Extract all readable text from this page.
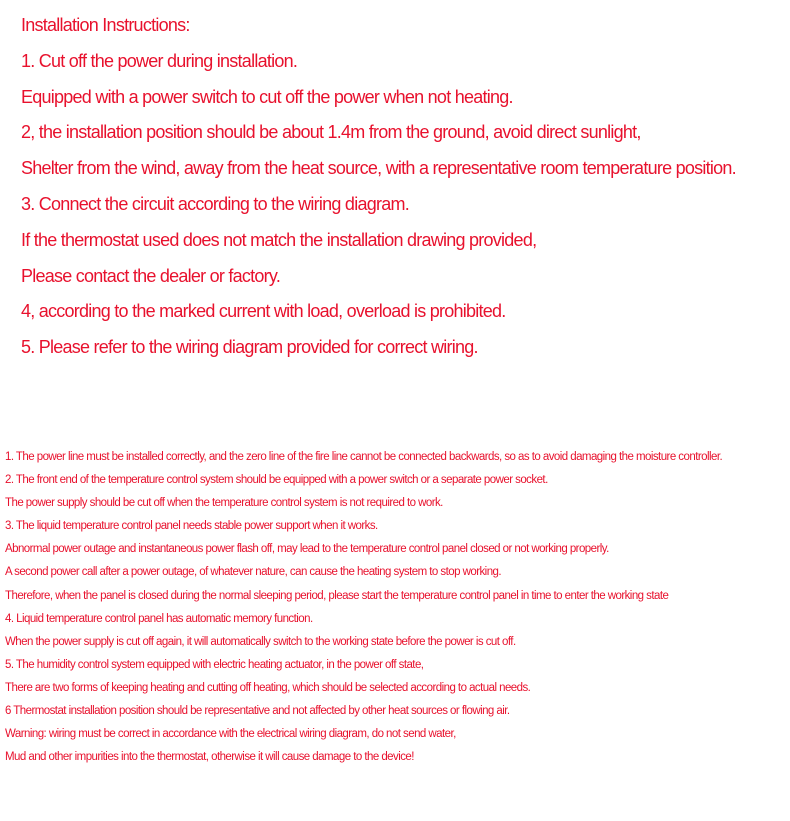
Installation Instructions:
1. Cut off the power during installation.
Equipped with a power switch to cut off the power when not heating.
2, the installation position should be about 1.4m from the ground, avoid direct sunlight,
Shelter from the wind, away from the heat source, with a representative room temperature position.
3. Connect the circuit according to the wiring diagram.
If the thermostat used does not match the installation drawing provided,
Please contact the dealer or factory.
4, according to the marked current with load, overload is prohibited.
5. Please refer to the wiring diagram provided for correct wiring.
1. The power line must be installed correctly, and the zero line of the fire line cannot be connected backwards, so as to avoid damaging the moisture controller.
2. The front end of the temperature control system should be equipped with a power switch or a separate power socket.
The power supply should be cut off when the temperature control system is not required to work.
3. The liquid temperature control panel needs stable power support when it works.
Abnormal power outage and instantaneous power flash off, may lead to the temperature control panel closed or not working properly.
A second power call after a power outage, of whatever nature, can cause the heating system to stop working.
Therefore, when the panel is closed during the normal sleeping period, please start the temperature control panel in time to enter the working state
4. Liquid temperature control panel has automatic memory function.
When the power supply is cut off again, it will automatically switch to the working state before the power is cut off.
5. The humidity control system equipped with electric heating actuator, in the power off state,
There are two forms of keeping heating and cutting off heating, which should be selected according to actual needs.
6 Thermostat installation position should be representative and not affected by other heat sources or flowing air.
Warning: wiring must be correct in accordance with the electrical wiring diagram, do not send water,
Mud and other impurities into the thermostat, otherwise it will cause damage to the device!
